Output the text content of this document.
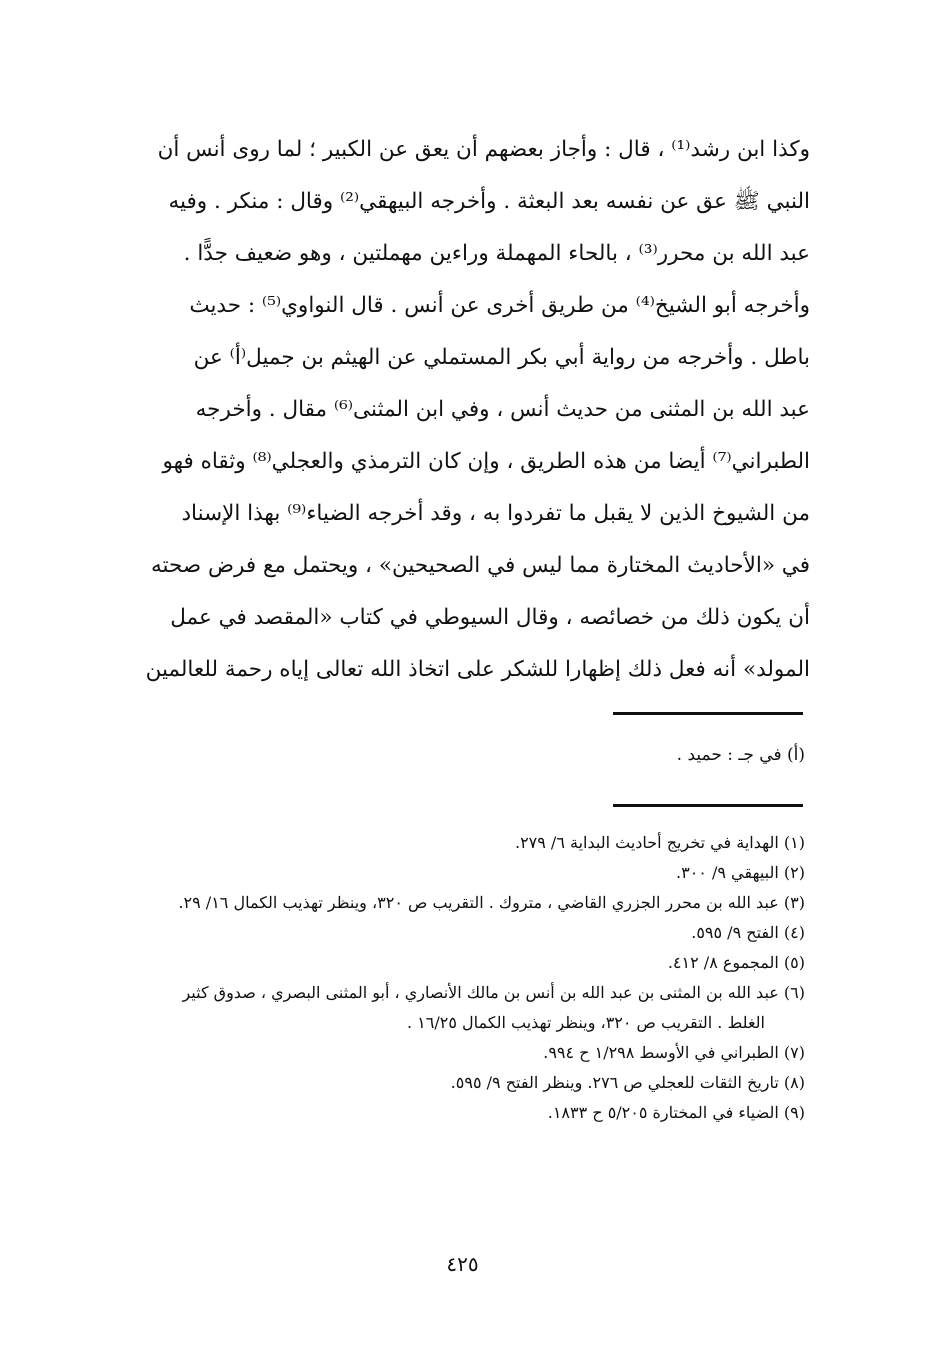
وكذا ابن رشد⁽¹⁾ ، قال : وأجاز بعضهم أن يعق عن الكبير ؛ لما روى أنس أن
النبي ﷺ عق عن نفسه بعد البعثة . وأخرجه البيهقي⁽²⁾ وقال : منكر . وفيه
عبد الله بن محرر⁽³⁾ ، بالحاء المهملة وراءين مهملتين ، وهو ضعيف جدًّا .
وأخرجه أبو الشيخ⁽⁴⁾ من طريق أخرى عن أنس . قال النواوي⁽⁵⁾ : حديث
باطل . وأخرجه من رواية أبي بكر المستملي عن الهيثم بن جميل⁽أ⁾ عن
عبد الله بن المثنى من حديث أنس ، وفي ابن المثنى⁽⁶⁾ مقال . وأخرجه
الطبراني⁽⁷⁾ أيضا من هذه الطريق ، وإن كان الترمذي والعجلي⁽⁸⁾ وثقاه فهو
من الشيوخ الذين لا يقبل ما تفردوا به ، وقد أخرجه الضياء⁽⁹⁾ بهذا الإسناد
في «الأحاديث المختارة مما ليس في الصحيحين» ، ويحتمل مع فرض صحته
أن يكون ذلك من خصائصه ، وقال السيوطي في كتاب «المقصد في عمل
المولد» أنه فعل ذلك إظهارا للشكر على اتخاذ الله تعالى إياه رحمة للعالمين
(أ) في جـ : حميد .
(١) الهداية في تخريج أحاديث البداية ٦/ ٢٧٩.
(٢) البيهقي ٩/ ٣٠٠.
(٣) عبد الله بن محرر الجزري القاضي ، متروك . التقريب ص ٣٢٠، وينظر تهذيب الكمال ١٦/ ٢٩.
(٤) الفتح ٩/ ٥٩٥.
(٥) المجموع ٨/ ٤١٢.
(٦) عبد الله بن المثنى بن عبد الله بن أنس بن مالك الأنصاري ، أبو المثنى البصري ، صدوق كثير
الغلط . التقريب ص ٣٢٠، وينظر تهذيب الكمال ١٦/٢٥ .
(٧) الطبراني في الأوسط ١/٢٩٨ ح ٩٩٤.
(٨) تاريخ الثقات للعجلي ص ٢٧٦. وينظر الفتح ٩/ ٥٩٥.
(٩) الضياء في المختارة ٥/٢٠٥ ح ١٨٣٣.
٤٢٥
